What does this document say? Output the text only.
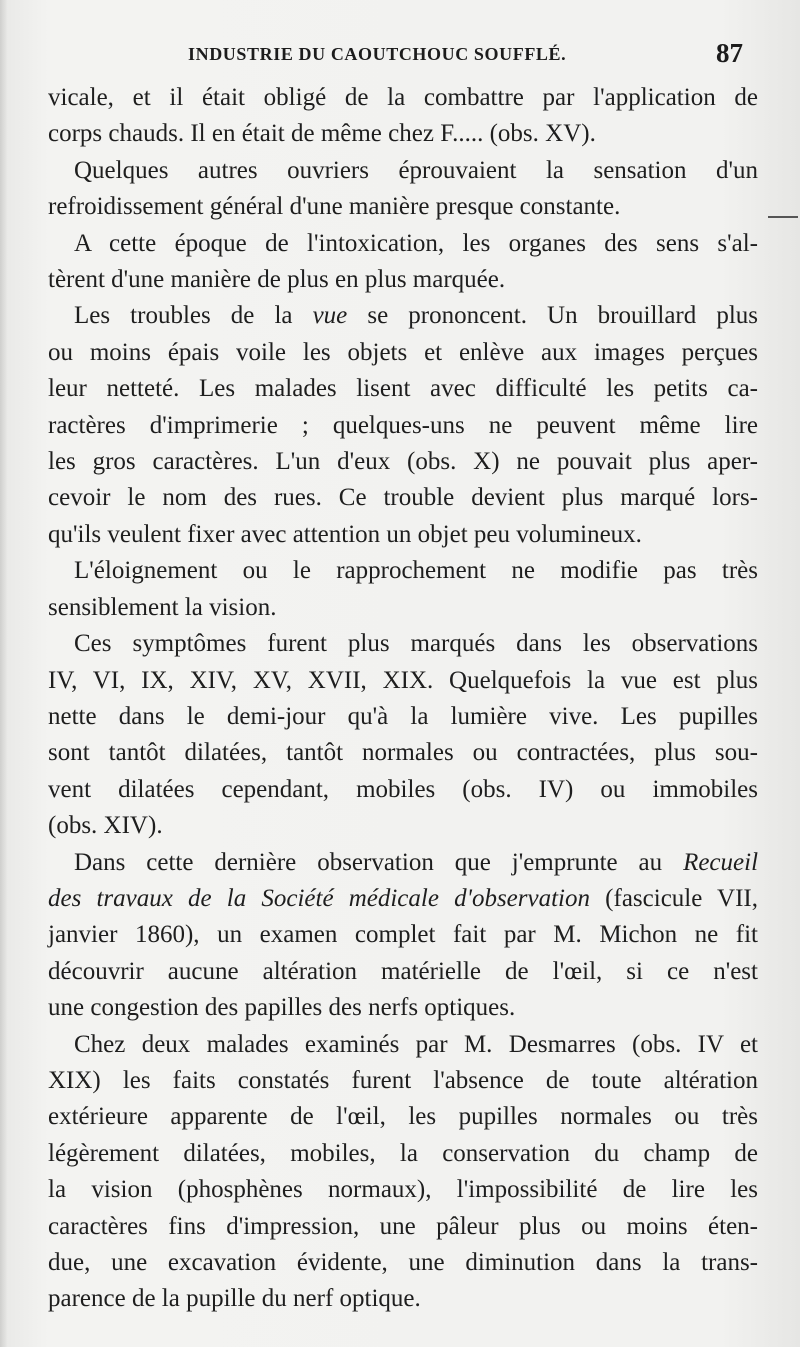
INDUSTRIE DU CAOUTCHOUC SOUFFLÉ.	87

vicale, et il était obligé de la combattre par l'application de
corps chauds. Il en était de même chez F..... (obs. XV).

Quelques autres ouvriers éprouvaient la sensation d'un
refroidissement général d'une manière presque constante.

A cette époque de l'intoxication, les organes des sens s'al-
tèrent d'une manière de plus en plus marquée.

Les troubles de la vue se prononcent. Un brouillard plus
ou moins épais voile les objets et enlève aux images perçues
leur netteté. Les malades lisent avec difficulté les petits ca-
ractères d'imprimerie ; quelques-uns ne peuvent même lire
les gros caractères. L'un d'eux (obs. X) ne pouvait plus aper-
cevoir le nom des rues. Ce trouble devient plus marqué lors-
qu'ils veulent fixer avec attention un objet peu volumineux.

L'éloignement ou le rapprochement ne modifie pas très
sensiblement la vision.

Ces symptômes furent plus marqués dans les observations
IV, VI, IX, XIV, XV, XVII, XIX. Quelquefois la vue est plus
nette dans le demi-jour qu'à la lumière vive. Les pupilles
sont tantôt dilatées, tantôt normales ou contractées, plus sou-
vent dilatées cependant, mobiles (obs. IV) ou immobiles
(obs. XIV).

Dans cette dernière observation que j'emprunte au Recueil
des travaux de la Société médicale d'observation (fascicule VII,
janvier 1860), un examen complet fait par M. Michon ne fit
découvrir aucune altération matérielle de l'œil, si ce n'est
une congestion des papilles des nerfs optiques.

Chez deux malades examinés par M. Desmarres (obs. IV et
XIX) les faits constatés furent l'absence de toute altération
extérieure apparente de l'œil, les pupilles normales ou très
légèrement dilatées, mobiles, la conservation du champ de
la vision (phosphènes normaux), l'impossibilité de lire les
caractères fins d'impression, une pâleur plus ou moins éten-
due, une excavation évidente, une diminution dans la trans-
parence de la pupille du nerf optique.
